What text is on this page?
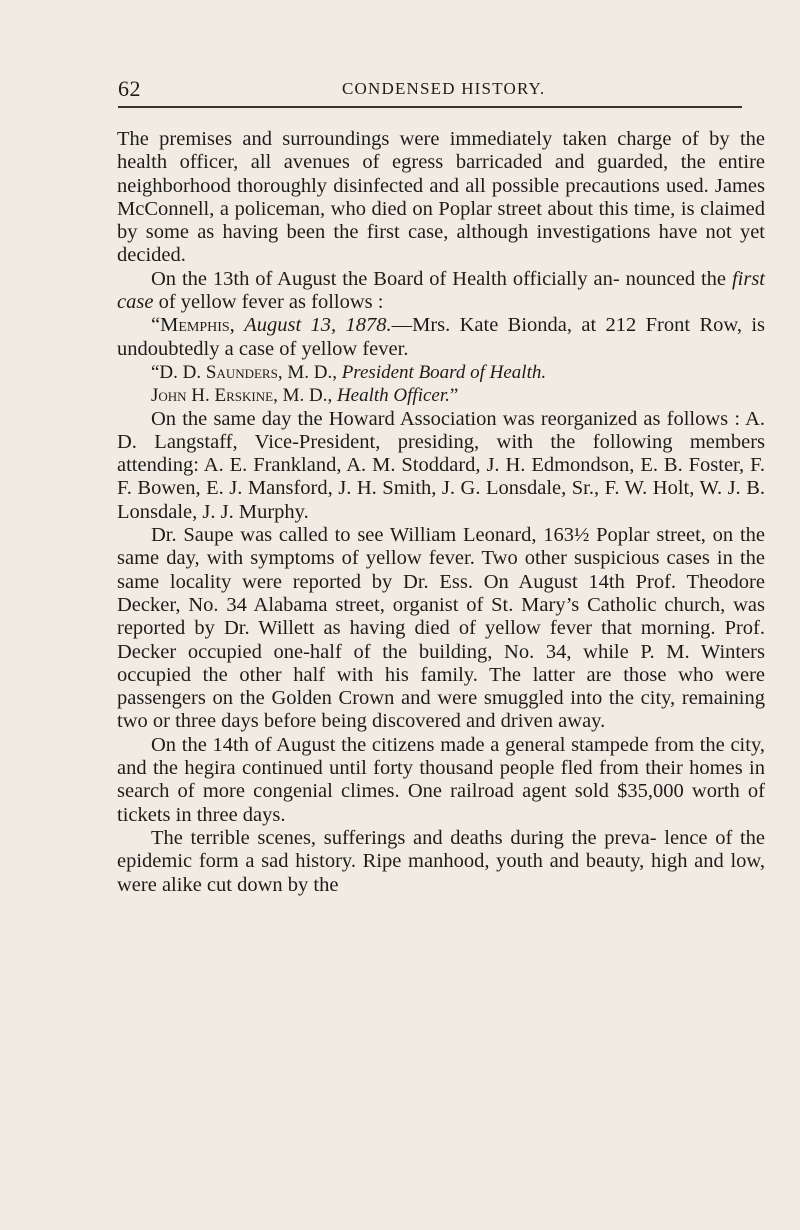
62	CONDENSED HISTORY.

The premises and surroundings were immediately taken charge of by the health officer, all avenues of egress barricaded and guarded, the entire neighborhood thoroughly disinfected and all possible precautions used. James McConnell, a policeman, who died on Poplar street about this time, is claimed by some as having been the first case, although investigations have not yet decided.

On the 13th of August the Board of Health officially an- nounced the first case of yellow fever as follows :

“Memphis, August 13, 1878.—Mrs. Kate Bionda, at 212 Front Row, is undoubtedly a case of yellow fever.

“D. D. Saunders, M. D., President Board of Health.

John H. Erskine, M. D., Health Officer.”

On the same day the Howard Association was reorganized as follows : A. D. Langstaff, Vice-President, presiding, with the following members attending: A. E. Frankland, A. M. Stoddard, J. H. Edmondson, E. B. Foster, F. F. Bowen, E. J. Mansford, J. H. Smith, J. G. Lonsdale, Sr., F. W. Holt, W. J. B. Lonsdale, J. J. Murphy.

Dr. Saupe was called to see William Leonard, 163½ Poplar street, on the same day, with symptoms of yellow fever. Two other suspicious cases in the same locality were reported by Dr. Ess. On August 14th Prof. Theodore Decker, No. 34 Alabama street, organist of St. Mary’s Catholic church, was reported by Dr. Willett as having died of yellow fever that morning. Prof. Decker occupied one-half of the building, No. 34, while P. M. Winters occupied the other half with his family. The latter are those who were passengers on the Golden Crown and were smuggled into the city, remaining two or three days before being discovered and driven away.

On the 14th of August the citizens made a general stampede from the city, and the hegira continued until forty thousand people fled from their homes in search of more congenial climes. One railroad agent sold $35,000 worth of tickets in three days.

The terrible scenes, sufferings and deaths during the preva- lence of the epidemic form a sad history. Ripe manhood, youth and beauty, high and low, were alike cut down by the
